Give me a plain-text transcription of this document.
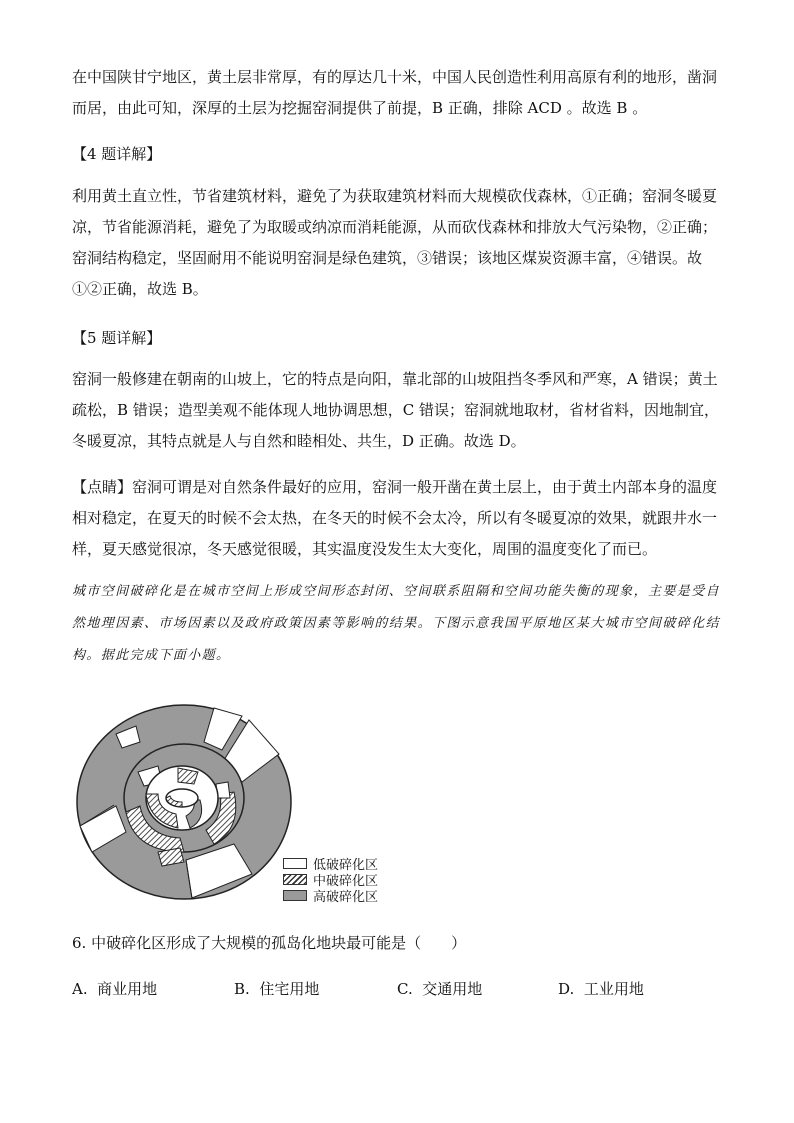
在中国陕甘宁地区，黄土层非常厚，有的厚达几十米，中国人民创造性利用高原有利的地形，凿洞而居，由此可知，深厚的土层为挖掘窑洞提供了前提，B 正确，排除 ACD 。故选 B 。

【4 题详解】

利用黄土直立性，节省建筑材料，避免了为获取建筑材料而大规模砍伐森林，①正确；窑洞冬暖夏凉，节省能源消耗，避免了为取暖或纳凉而消耗能源，从而砍伐森林和排放大气污染物，②正确；窑洞结构稳定，坚固耐用不能说明窑洞是绿色建筑，③错误；该地区煤炭资源丰富，④错误。故①②正确，故选 B。

【5 题详解】

窑洞一般修建在朝南的山坡上，它的特点是向阳，靠北部的山坡阻挡冬季风和严寒，A 错误；黄土疏松，B 错误；造型美观不能体现人地协调思想，C 错误；窑洞就地取材，省材省料，因地制宜，冬暖夏凉，其特点就是人与自然和睦相处、共生，D 正确。故选 D。

【点睛】窑洞可谓是对自然条件最好的应用，窑洞一般开凿在黄土层上，由于黄土内部本身的温度相对稳定，在夏天的时候不会太热，在冬天的时候不会太冷，所以有冬暖夏凉的效果，就跟井水一样，夏天感觉很凉，冬天感觉很暖，其实温度没发生太大变化，周围的温度变化了而已。

城市空间破碎化是在城市空间上形成空间形态封闭、空间联系阻隔和空间功能失衡的现象，主要是受自然地理因素、市场因素以及政府政策因素等影响的结果。下图示意我国平原地区某大城市空间破碎化结构。据此完成下面小题。

低破碎化区
中破碎化区
高破碎化区

6. 中破碎化区形成了大规模的孤岛化地块最可能是（　　）

A. 商业用地	B. 住宅用地	C. 交通用地	D. 工业用地
